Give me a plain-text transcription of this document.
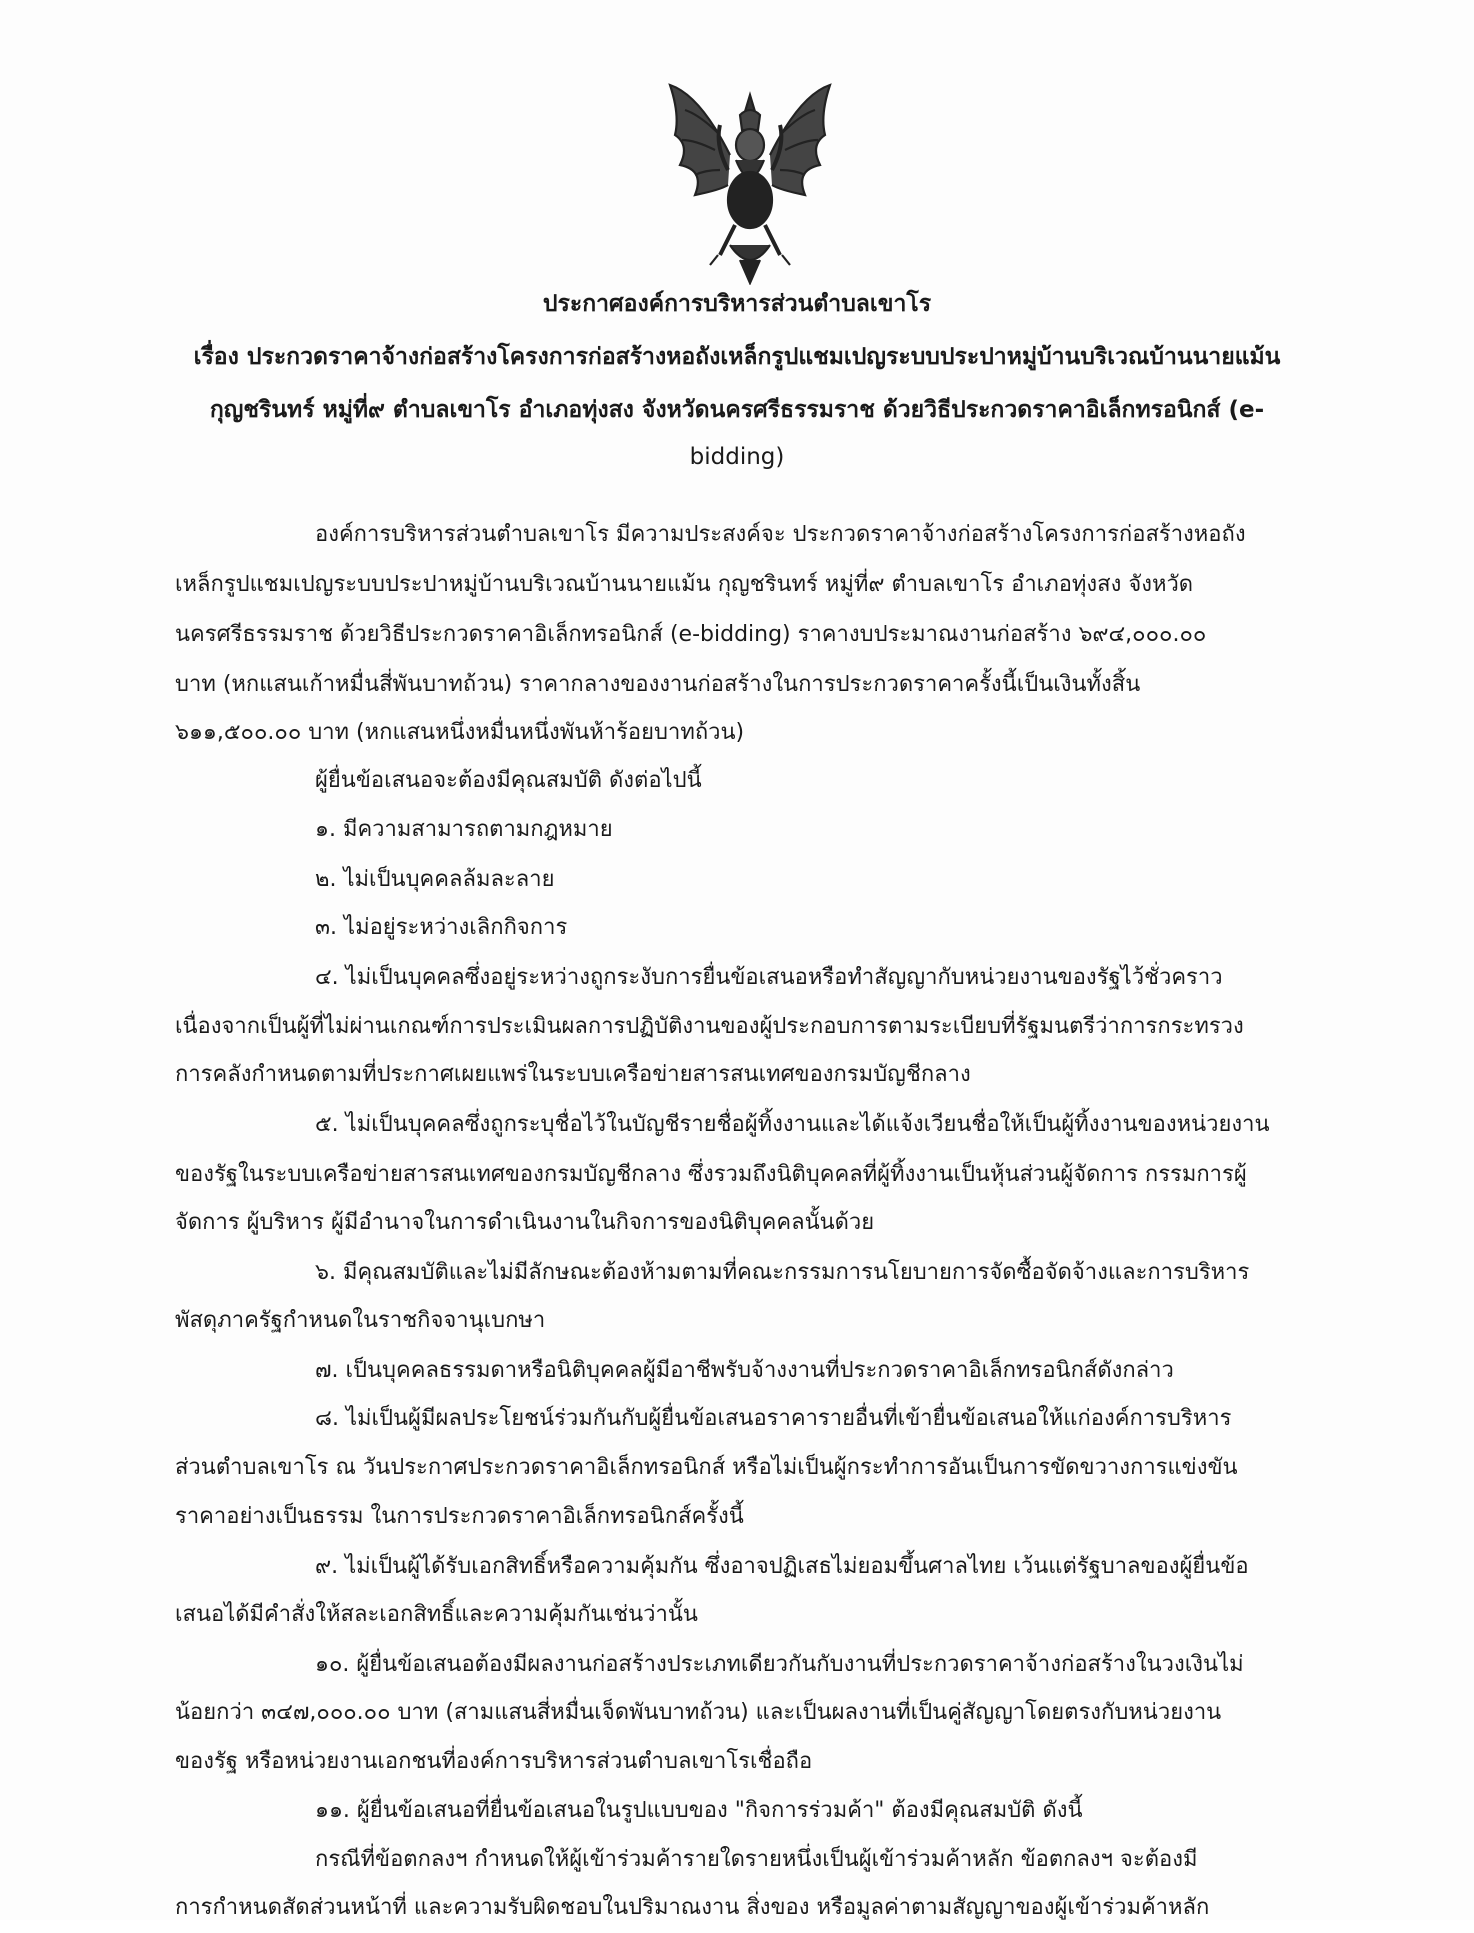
ประกาศองค์การบริหารส่วนตำบลเขาโร
เรื่อง ประกวดราคาจ้างก่อสร้างโครงการก่อสร้างหอถังเหล็กรูปแชมเปญระบบประปาหมู่บ้านบริเวณบ้านนายแม้น
กุญชรินทร์ หมู่ที่๙ ตำบลเขาโร อำเภอทุ่งสง จังหวัดนครศรีธรรมราช ด้วยวิธีประกวดราคาอิเล็กทรอนิกส์ (e-
bidding)
องค์การบริหารส่วนตำบลเขาโร มีความประสงค์จะ ประกวดราคาจ้างก่อสร้างโครงการก่อสร้างหอถัง
เหล็กรูปแชมเปญระบบประปาหมู่บ้านบริเวณบ้านนายแม้น กุญชรินทร์ หมู่ที่๙ ตำบลเขาโร อำเภอทุ่งสง จังหวัด
นครศรีธรรมราช ด้วยวิธีประกวดราคาอิเล็กทรอนิกส์ (e-bidding) ราคางบประมาณงานก่อสร้าง ๖๙๔,๐๐๐.๐๐
บาท (หกแสนเก้าหมื่นสี่พันบาทถ้วน) ราคากลางของงานก่อสร้างในการประกวดราคาครั้งนี้เป็นเงินทั้งสิ้น
๖๑๑,๕๐๐.๐๐ บาท (หกแสนหนึ่งหมื่นหนึ่งพันห้าร้อยบาทถ้วน)
ผู้ยื่นข้อเสนอจะต้องมีคุณสมบัติ ดังต่อไปนี้
๑. มีความสามารถตามกฎหมาย
๒. ไม่เป็นบุคคลล้มละลาย
๓. ไม่อยู่ระหว่างเลิกกิจการ
๔. ไม่เป็นบุคคลซึ่งอยู่ระหว่างถูกระงับการยื่นข้อเสนอหรือทำสัญญากับหน่วยงานของรัฐไว้ชั่วคราว
เนื่องจากเป็นผู้ที่ไม่ผ่านเกณฑ์การประเมินผลการปฏิบัติงานของผู้ประกอบการตามระเบียบที่รัฐมนตรีว่าการกระทรวง
การคลังกำหนดตามที่ประกาศเผยแพร่ในระบบเครือข่ายสารสนเทศของกรมบัญชีกลาง
๕. ไม่เป็นบุคคลซึ่งถูกระบุชื่อไว้ในบัญชีรายชื่อผู้ทิ้งงานและได้แจ้งเวียนชื่อให้เป็นผู้ทิ้งงานของหน่วยงาน
ของรัฐในระบบเครือข่ายสารสนเทศของกรมบัญชีกลาง ซึ่งรวมถึงนิติบุคคลที่ผู้ทิ้งงานเป็นหุ้นส่วนผู้จัดการ กรรมการผู้
จัดการ ผู้บริหาร ผู้มีอำนาจในการดำเนินงานในกิจการของนิติบุคคลนั้นด้วย
๖. มีคุณสมบัติและไม่มีลักษณะต้องห้ามตามที่คณะกรรมการนโยบายการจัดซื้อจัดจ้างและการบริหาร
พัสดุภาครัฐกำหนดในราชกิจจานุเบกษา
๗. เป็นบุคคลธรรมดาหรือนิติบุคคลผู้มีอาชีพรับจ้างงานที่ประกวดราคาอิเล็กทรอนิกส์ดังกล่าว
๘. ไม่เป็นผู้มีผลประโยชน์ร่วมกันกับผู้ยื่นข้อเสนอราคารายอื่นที่เข้ายื่นข้อเสนอให้แก่องค์การบริหาร
ส่วนตำบลเขาโร ณ วันประกาศประกวดราคาอิเล็กทรอนิกส์ หรือไม่เป็นผู้กระทำการอันเป็นการขัดขวางการแข่งขัน
ราคาอย่างเป็นธรรม ในการประกวดราคาอิเล็กทรอนิกส์ครั้งนี้
๙. ไม่เป็นผู้ได้รับเอกสิทธิ์หรือความคุ้มกัน ซึ่งอาจปฏิเสธไม่ยอมขึ้นศาลไทย เว้นแต่รัฐบาลของผู้ยื่นข้อ
เสนอได้มีคำสั่งให้สละเอกสิทธิ์และความคุ้มกันเช่นว่านั้น
๑๐. ผู้ยื่นข้อเสนอต้องมีผลงานก่อสร้างประเภทเดียวกันกับงานที่ประกวดราคาจ้างก่อสร้างในวงเงินไม่
น้อยกว่า ๓๔๗,๐๐๐.๐๐ บาท (สามแสนสี่หมื่นเจ็ดพันบาทถ้วน) และเป็นผลงานที่เป็นคู่สัญญาโดยตรงกับหน่วยงาน
ของรัฐ หรือหน่วยงานเอกชนที่องค์การบริหารส่วนตำบลเขาโรเชื่อถือ
๑๑. ผู้ยื่นข้อเสนอที่ยื่นข้อเสนอในรูปแบบของ "กิจการร่วมค้า" ต้องมีคุณสมบัติ ดังนี้
กรณีที่ข้อตกลงฯ กำหนดให้ผู้เข้าร่วมค้ารายใดรายหนึ่งเป็นผู้เข้าร่วมค้าหลัก ข้อตกลงฯ จะต้องมี
การกำหนดสัดส่วนหน้าที่ และความรับผิดชอบในปริมาณงาน สิ่งของ หรือมูลค่าตามสัญญาของผู้เข้าร่วมค้าหลัก
